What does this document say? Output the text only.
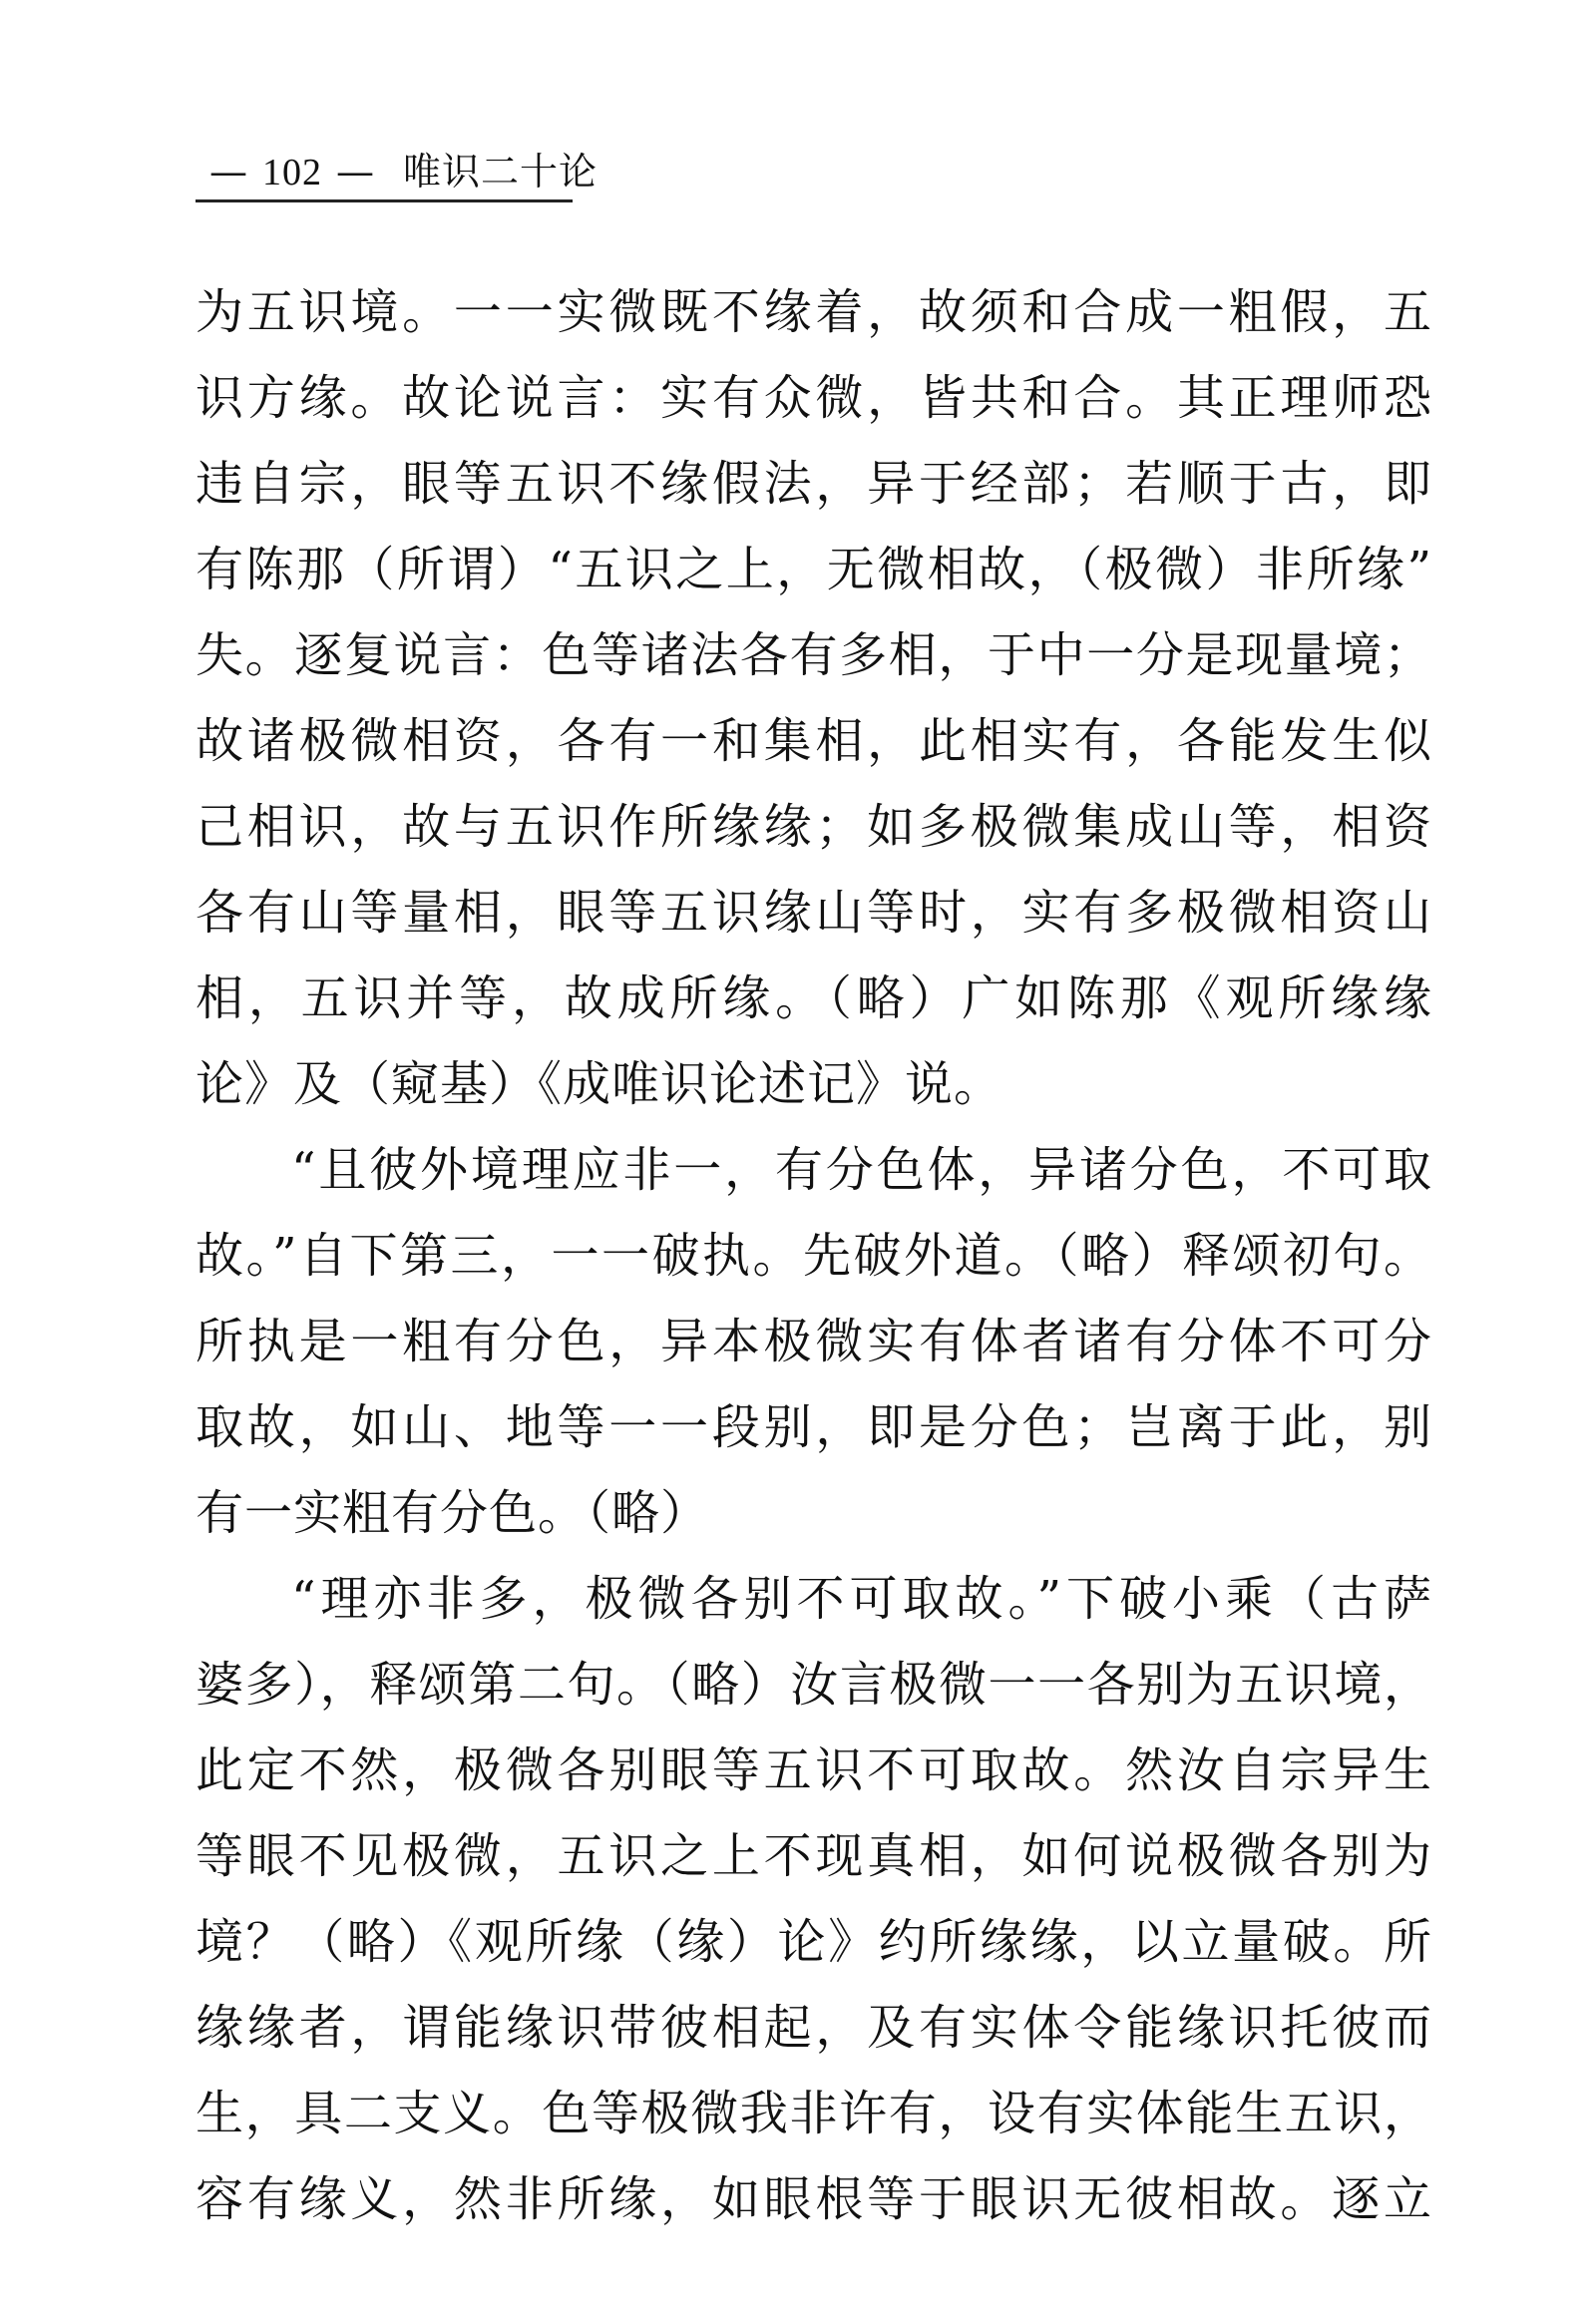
— 102 — 唯识二十论
为五识境。一一实微既不缘着，故须和合成一粗假，五
识方缘。故论说言：实有众微，皆共和合。其正理师恐
违自宗，眼等五识不缘假法，异于经部；若顺于古，即
有陈那（所谓）“五识之上，无微相故，（极微）非所缘”
失。逐复说言：色等诸法各有多相，于中一分是现量境；
故诸极微相资，各有一和集相，此相实有，各能发生似
己相识，故与五识作所缘缘；如多极微集成山等，相资
各有山等量相，眼等五识缘山等时，实有多极微相资山
相，五识并等，故成所缘。（略）广如陈那《观所缘缘
论》及（窥基）《成唯识论述记》说。
“且彼外境理应非一，有分色体，异诸分色，不可取
故。”自下第三，一一破执。先破外道。（略）释颂初句。
所执是一粗有分色，异本极微实有体者诸有分体不可分
取故，如山、地等一一段别，即是分色；岂离于此，别
有一实粗有分色。（略）
“理亦非多，极微各别不可取故。”下破小乘（古萨
婆多），释颂第二句。（略）汝言极微一一各别为五识境，
此定不然，极微各别眼等五识不可取故。然汝自宗异生
等眼不见极微，五识之上不现真相，如何说极微各别为
境？（略）《观所缘（缘）论》约所缘缘，以立量破。所
缘缘者，谓能缘识带彼相起，及有实体令能缘识托彼而
生，具二支义。色等极微我非许有，设有实体能生五识，
容有缘义，然非所缘，如眼根等于眼识无彼相故。逐立
